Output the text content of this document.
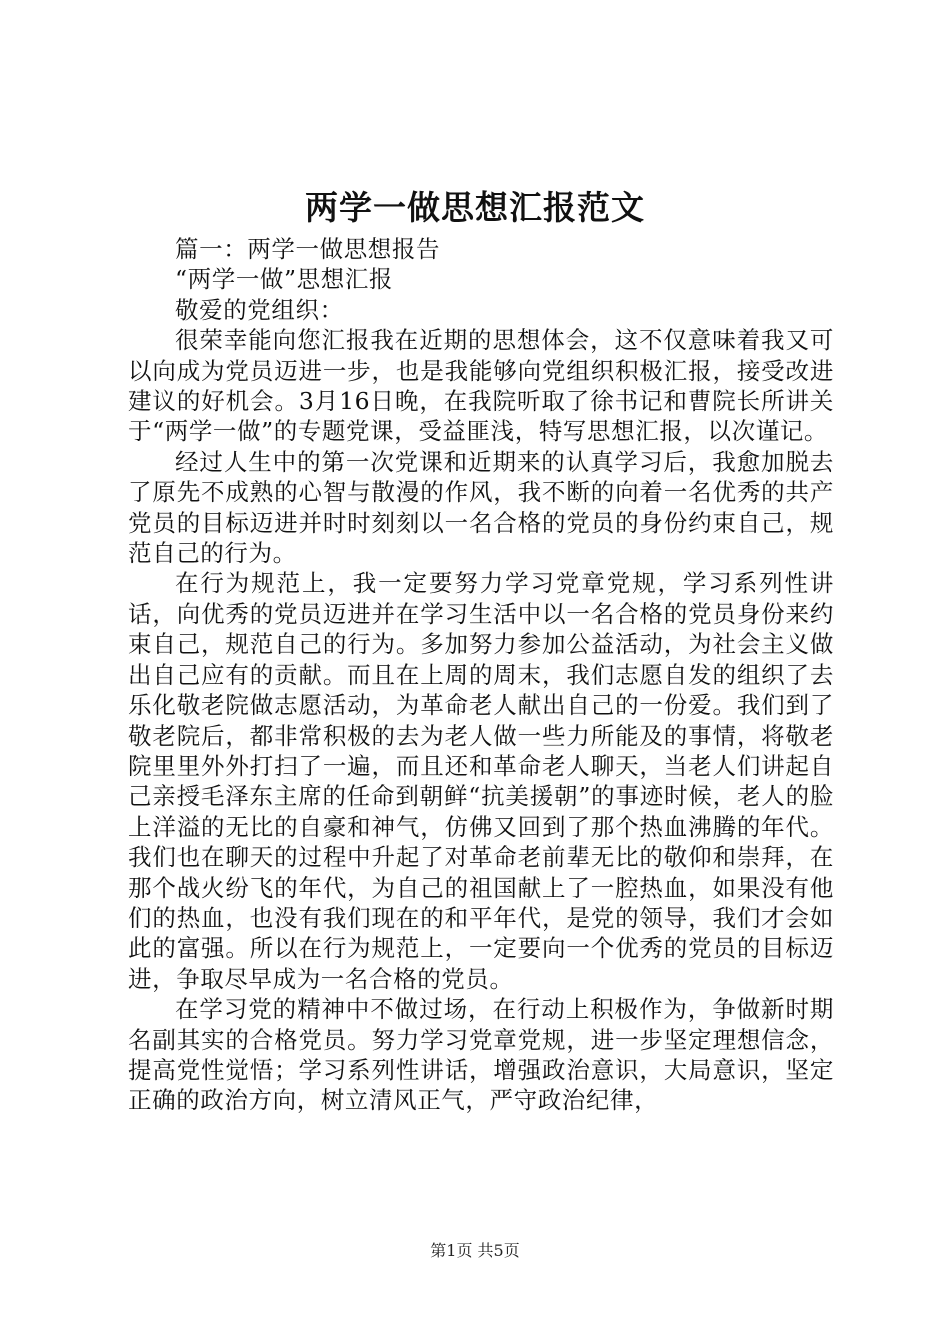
两学一做思想汇报范文

篇一：两学一做思想报告

“两学一做”思想汇报

敬爱的党组织：

很荣幸能向您汇报我在近期的思想体会，这不仅意味着我又可以向成为党员迈进一步，也是我能够向党组织积极汇报，接受改进建议的好机会。3月16日晚，在我院听取了徐书记和曹院长所讲关于“两学一做”的专题党课，受益匪浅，特写思想汇报，以次谨记。

经过人生中的第一次党课和近期来的认真学习后，我愈加脱去了原先不成熟的心智与散漫的作风，我不断的向着一名优秀的共产党员的目标迈进并时时刻刻以一名合格的党员的身份约束自己，规范自己的行为。

在行为规范上，我一定要努力学习党章党规，学习系列性讲话，向优秀的党员迈进并在学习生活中以一名合格的党员身份来约束自己，规范自己的行为。多加努力参加公益活动，为社会主义做出自己应有的贡献。而且在上周的周末，我们志愿自发的组织了去乐化敬老院做志愿活动，为革命老人献出自己的一份爱。我们到了敬老院后，都非常积极的去为老人做一些力所能及的事情，将敬老院里里外外打扫了一遍，而且还和革命老人聊天，当老人们讲起自己亲授毛泽东主席的任命到朝鲜“抗美援朝”的事迹时候，老人的脸上洋溢的无比的自豪和神气，仿佛又回到了那个热血沸腾的年代。我们也在聊天的过程中升起了对革命老前辈无比的敬仰和崇拜，在那个战火纷飞的年代，为自己的祖国献上了一腔热血，如果没有他们的热血，也没有我们现在的和平年代，是党的领导，我们才会如此的富强。所以在行为规范上，一定要向一个优秀的党员的目标迈进，争取尽早成为一名合格的党员。

在学习党的精神中不做过场，在行动上积极作为，争做新时期名副其实的合格党员。努力学习党章党规，进一步坚定理想信念，提高党性觉悟；学习系列性讲话，增强政治意识，大局意识，坚定正确的政治方向，树立清风正气，严守政治纪律，

第1页 共5页
